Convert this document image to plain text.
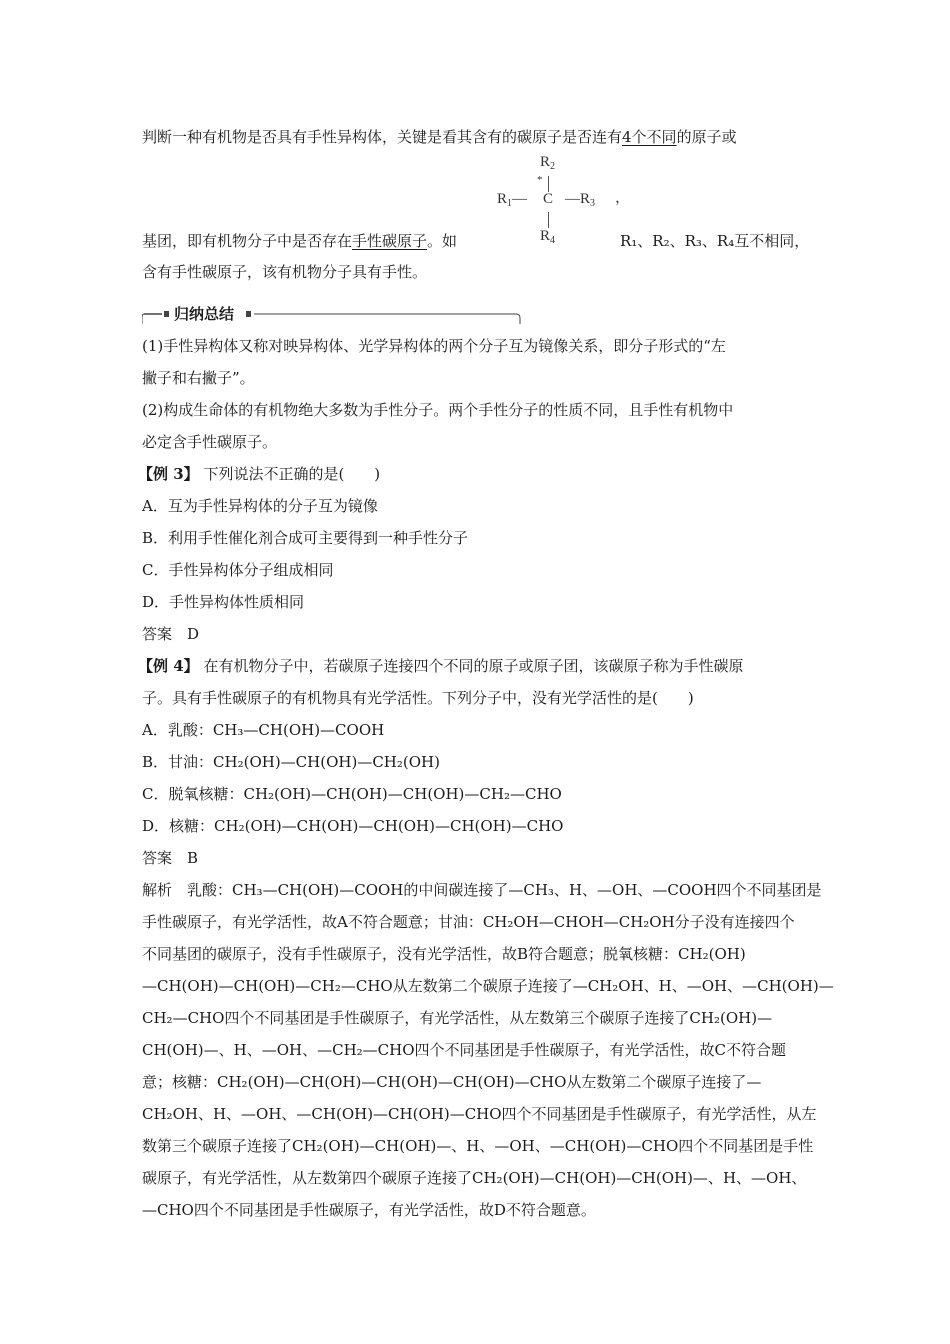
判断一种有机物是否具有手性异构体，关键是看其含有的碳原子是否连有4个不同的原子或
$R_2$
*
$R_1—$ C $—R_3$
$R_4$
，
基团，即有机物分子中是否存在手性碳原子。如	R₁、R₂、R₃、R₄互不相同，
含有手性碳原子，该有机物分子具有手性。
归纳总结
(1)手性异构体又称对映异构体、光学异构体的两个分子互为镜像关系，即分子形式的“左
撇子和右撇子”。
(2)构成生命体的有机物绝大多数为手性分子。两个手性分子的性质不同，且手性有机物中
必定含手性碳原子。
【例 3】 下列说法不正确的是(　　)
A．互为手性异构体的分子互为镜像
B．利用手性催化剂合成可主要得到一种手性分子
C．手性异构体分子组成相同
D．手性异构体性质相同
答案　D
【例 4】 在有机物分子中，若碳原子连接四个不同的原子或原子团，该碳原子称为手性碳原
子。具有手性碳原子的有机物具有光学活性。下列分子中，没有光学活性的是(　　)
A．乳酸：CH₃—CH(OH)—COOH
B．甘油：CH₂(OH)—CH(OH)—CH₂(OH)
C．脱氧核糖：CH₂(OH)—CH(OH)—CH(OH)—CH₂—CHO
D．核糖：CH₂(OH)—CH(OH)—CH(OH)—CH(OH)—CHO
答案　B
解析　乳酸：CH₃—CH(OH)—COOH的中间碳连接了—CH₃、H、—OH、—COOH四个不同基团是
手性碳原子，有光学活性，故A不符合题意；甘油：CH₂OH—CHOH—CH₂OH分子没有连接四个
不同基团的碳原子，没有手性碳原子，没有光学活性，故B符合题意；脱氧核糖：CH₂(OH)
—CH(OH)—CH(OH)—CH₂—CHO从左数第二个碳原子连接了—CH₂OH、H、—OH、—CH(OH)—
CH₂—CHO四个不同基团是手性碳原子，有光学活性，从左数第三个碳原子连接了CH₂(OH)—
CH(OH)—、H、—OH、—CH₂—CHO四个不同基团是手性碳原子，有光学活性，故C不符合题
意；核糖：CH₂(OH)—CH(OH)—CH(OH)—CH(OH)—CHO从左数第二个碳原子连接了—
CH₂OH、H、—OH、—CH(OH)—CH(OH)—CHO四个不同基团是手性碳原子，有光学活性，从左
数第三个碳原子连接了CH₂(OH)—CH(OH)—、H、—OH、—CH(OH)—CHO四个不同基团是手性
碳原子，有光学活性，从左数第四个碳原子连接了CH₂(OH)—CH(OH)—CH(OH)—、H、—OH、
—CHO四个不同基团是手性碳原子，有光学活性，故D不符合题意。
